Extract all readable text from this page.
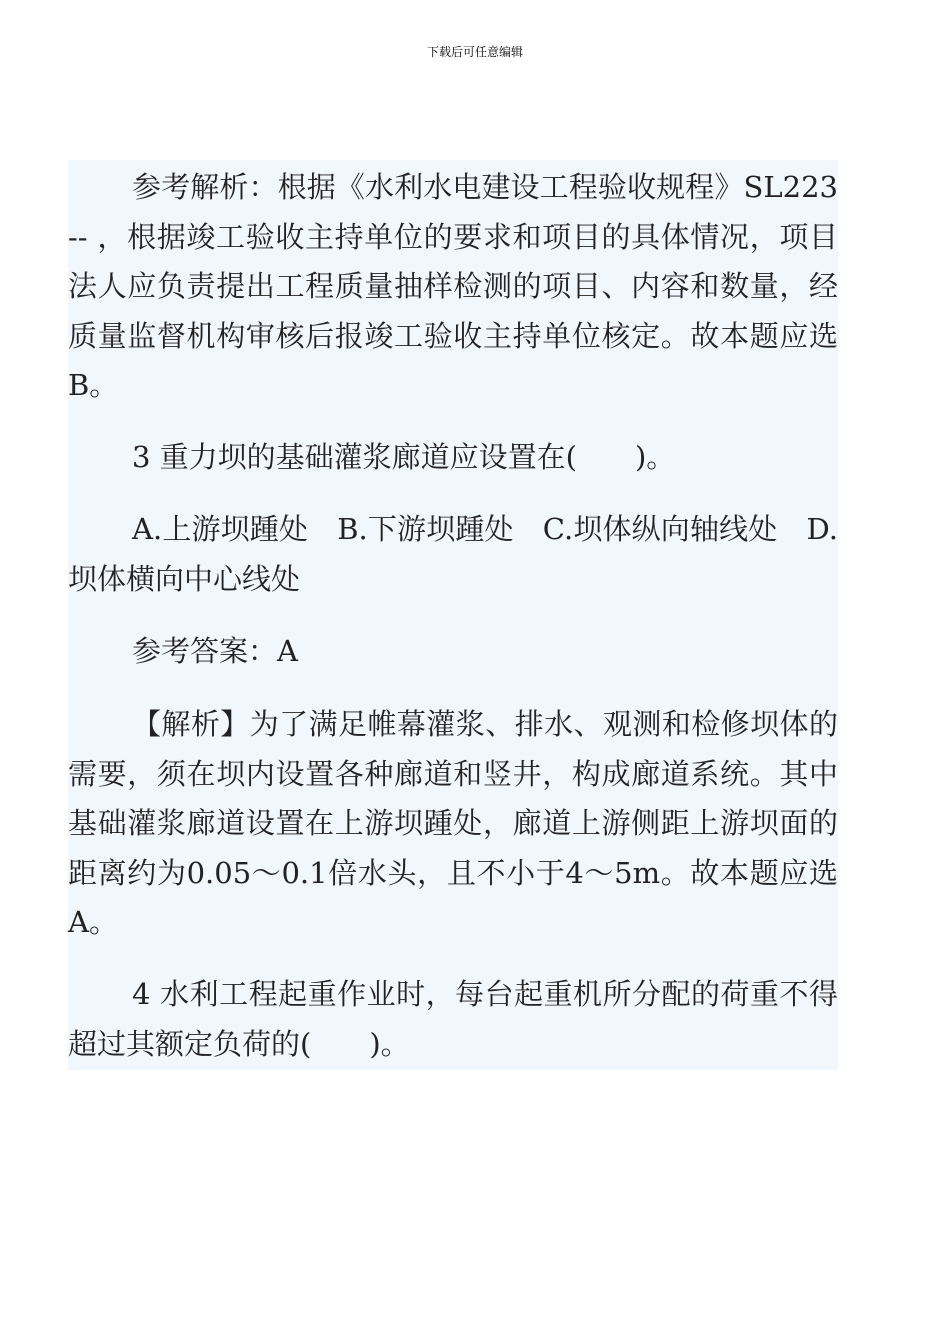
下载后可任意编辑

参考解析：根据《水利水电建设工程验收规程》SL223-- ，根据竣工验收主持单位的要求和项目的具体情况，项目法人应负责提出工程质量抽样检测的项目、内容和数量，经质量监督机构审核后报竣工验收主持单位核定。故本题应选B。

3 重力坝的基础灌浆廊道应设置在(　　)。

A.上游坝踵处　B.下游坝踵处　C.坝体纵向轴线处　D.坝体横向中心线处

参考答案：A

【解析】为了满足帷幕灌浆、排水、观测和检修坝体的需要，须在坝内设置各种廊道和竖井，构成廊道系统。其中基础灌浆廊道设置在上游坝踵处，廊道上游侧距上游坝面的距离约为0.05～0.1倍水头，且不小于4～5m。故本题应选A。

4 水利工程起重作业时，每台起重机所分配的荷重不得超过其额定负荷的(　　)。
